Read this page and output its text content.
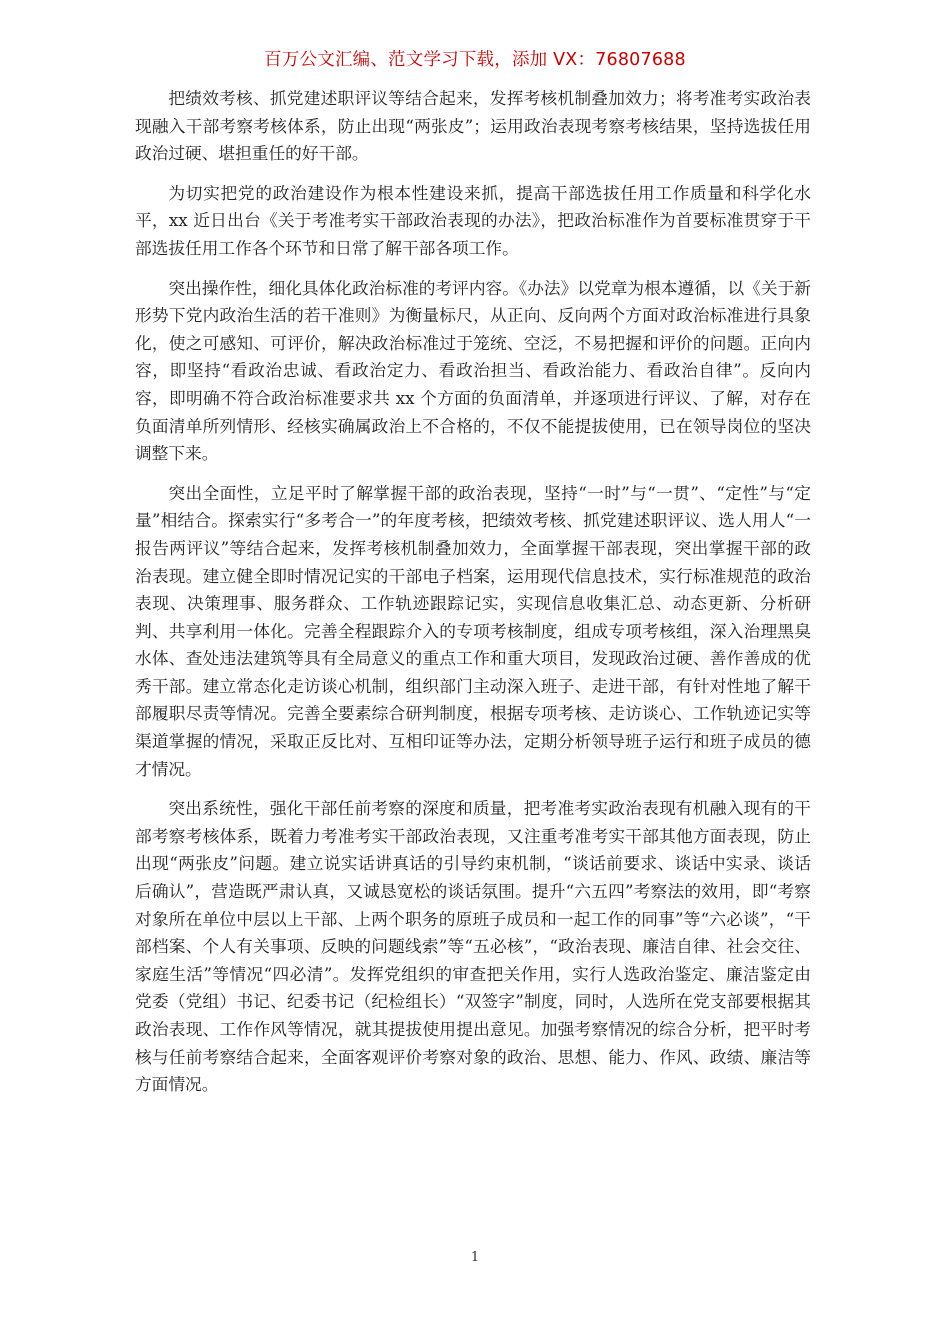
百万公文汇编、范文学习下载，添加 VX：76807688

把绩效考核、抓党建述职评议等结合起来，发挥考核机制叠加效力；将考准考实政治表现融入干部考察考核体系，防止出现“两张皮”；运用政治表现考察考核结果，坚持选拔任用政治过硬、堪担重任的好干部。

为切实把党的政治建设作为根本性建设来抓，提高干部选拔任用工作质量和科学化水平，xx 近日出台《关于考准考实干部政治表现的办法》，把政治标准作为首要标准贯穿于干部选拔任用工作各个环节和日常了解干部各项工作。

突出操作性，细化具体化政治标准的考评内容。《办法》以党章为根本遵循，以《关于新形势下党内政治生活的若干准则》为衡量标尺，从正向、反向两个方面对政治标准进行具象化，使之可感知、可评价，解决政治标准过于笼统、空泛，不易把握和评价的问题。正向内容，即坚持“看政治忠诚、看政治定力、看政治担当、看政治能力、看政治自律”。反向内容，即明确不符合政治标准要求共 xx 个方面的负面清单，并逐项进行评议、了解，对存在负面清单所列情形、经核实确属政治上不合格的，不仅不能提拔使用，已在领导岗位的坚决调整下来。

突出全面性，立足平时了解掌握干部的政治表现，坚持“一时”与“一贯”、“定性”与“定量”相结合。探索实行“多考合一”的年度考核，把绩效考核、抓党建述职评议、选人用人“一报告两评议”等结合起来，发挥考核机制叠加效力，全面掌握干部表现，突出掌握干部的政治表现。建立健全即时情况记实的干部电子档案，运用现代信息技术，实行标准规范的政治表现、决策理事、服务群众、工作轨迹跟踪记实，实现信息收集汇总、动态更新、分析研判、共享利用一体化。完善全程跟踪介入的专项考核制度，组成专项考核组，深入治理黑臭水体、查处违法建筑等具有全局意义的重点工作和重大项目，发现政治过硬、善作善成的优秀干部。建立常态化走访谈心机制，组织部门主动深入班子、走进干部，有针对性地了解干部履职尽责等情况。完善全要素综合研判制度，根据专项考核、走访谈心、工作轨迹记实等渠道掌握的情况，采取正反比对、互相印证等办法，定期分析领导班子运行和班子成员的德才情况。

突出系统性，强化干部任前考察的深度和质量，把考准考实政治表现有机融入现有的干部考察考核体系，既着力考准考实干部政治表现，又注重考准考实干部其他方面表现，防止出现“两张皮”问题。建立说实话讲真话的引导约束机制，“谈话前要求、谈话中实录、谈话后确认”，营造既严肃认真，又诚恳宽松的谈话氛围。提升“六五四”考察法的效用，即“考察对象所在单位中层以上干部、上两个职务的原班子成员和一起工作的同事”等“六必谈”，“干部档案、个人有关事项、反映的问题线索”等“五必核”，“政治表现、廉洁自律、社会交往、家庭生活”等情况“四必清”。发挥党组织的审查把关作用，实行人选政治鉴定、廉洁鉴定由党委（党组）书记、纪委书记（纪检组长）“双签字”制度，同时，人选所在党支部要根据其政治表现、工作作风等情况，就其提拔使用提出意见。加强考察情况的综合分析，把平时考核与任前考察结合起来，全面客观评价考察对象的政治、思想、能力、作风、政绩、廉洁等方面情况。

1
